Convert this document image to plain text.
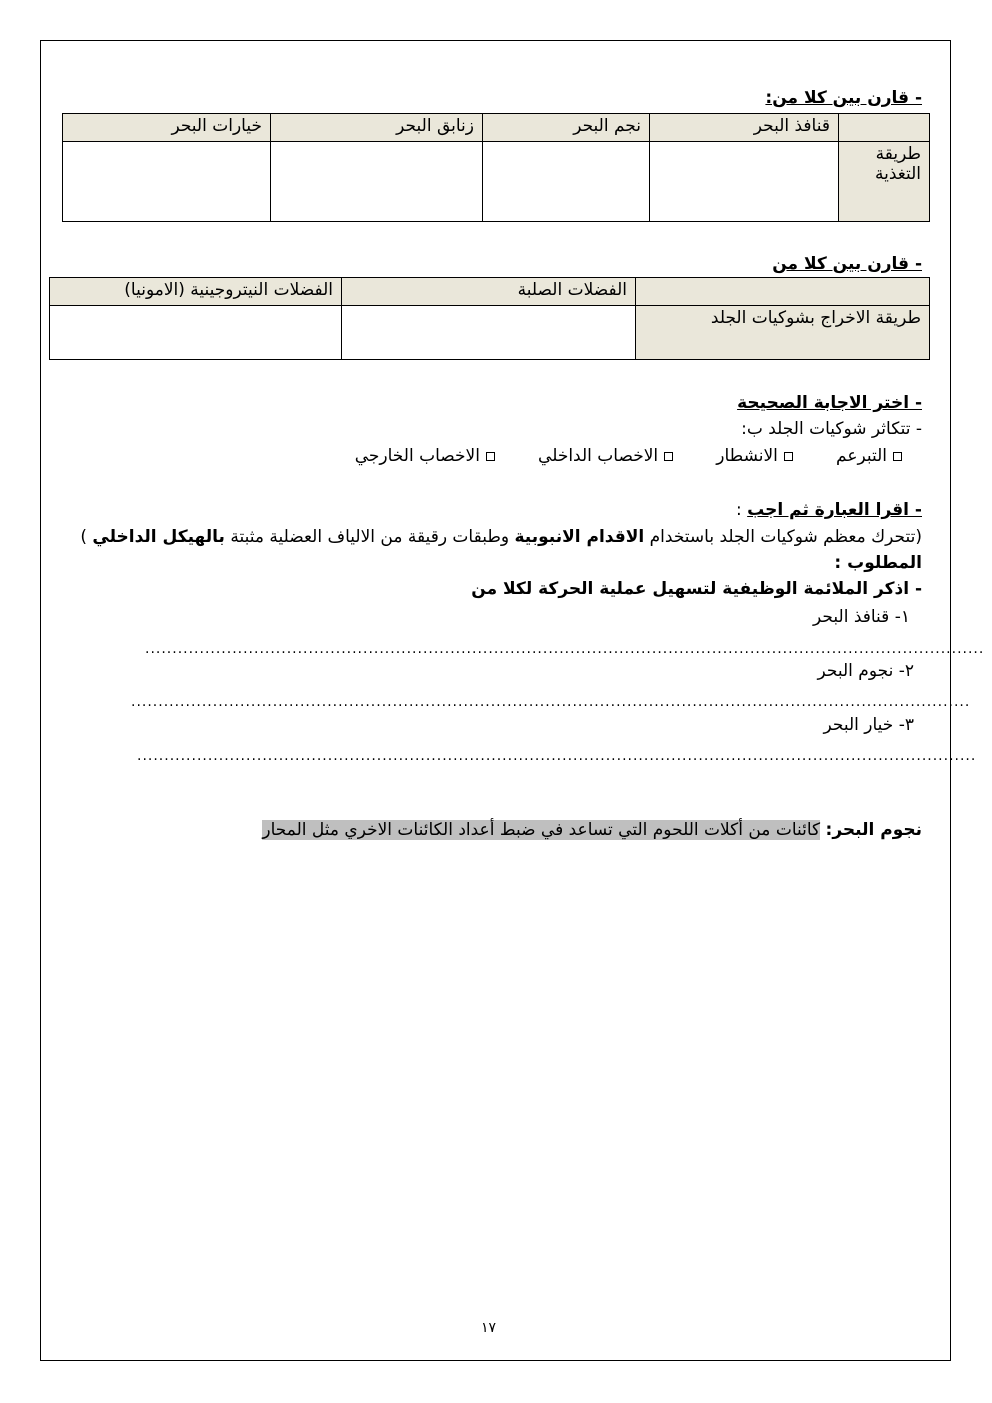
- قارن بين كلا من:
	قنافذ البحر	نجم البحر	زنابق البحر	خيارات البحر

طريقة
التغذية				

- قارن بين كلا من
	الفضلات الصلبة	الفضلات النيتروجينية (الامونيا)
طريقة الاخراج بشوكيات الجلد		
- اختر الاجابة الصحيحة
- تتكاثر شوكيات الجلد ب:
التبرعم الانشطار الاخصاب الداخلي الاخصاب الخارجي
- اقرا العبارة ثم اجب :
(تتحرك معظم شوكيات الجلد باستخدام الاقدام الانبوبية وطبقات رقيقة من الالياف العضلية مثبتة بالهيكل الداخلي )
المطلوب :
- اذكر الملائمة الوظيفية لتسهيل عملية الحركة لكلا من
١- قنافذ البحر
..........................................................................................................................................................
٢- نجوم البحر
..........................................................................................................................................................
٣- خيار البحر
..........................................................................................................................................................
نجوم البحر: كائنات من أكلات اللحوم التي تساعد في ضبط أعداد الكائنات الاخري مثل المحار
١٧
